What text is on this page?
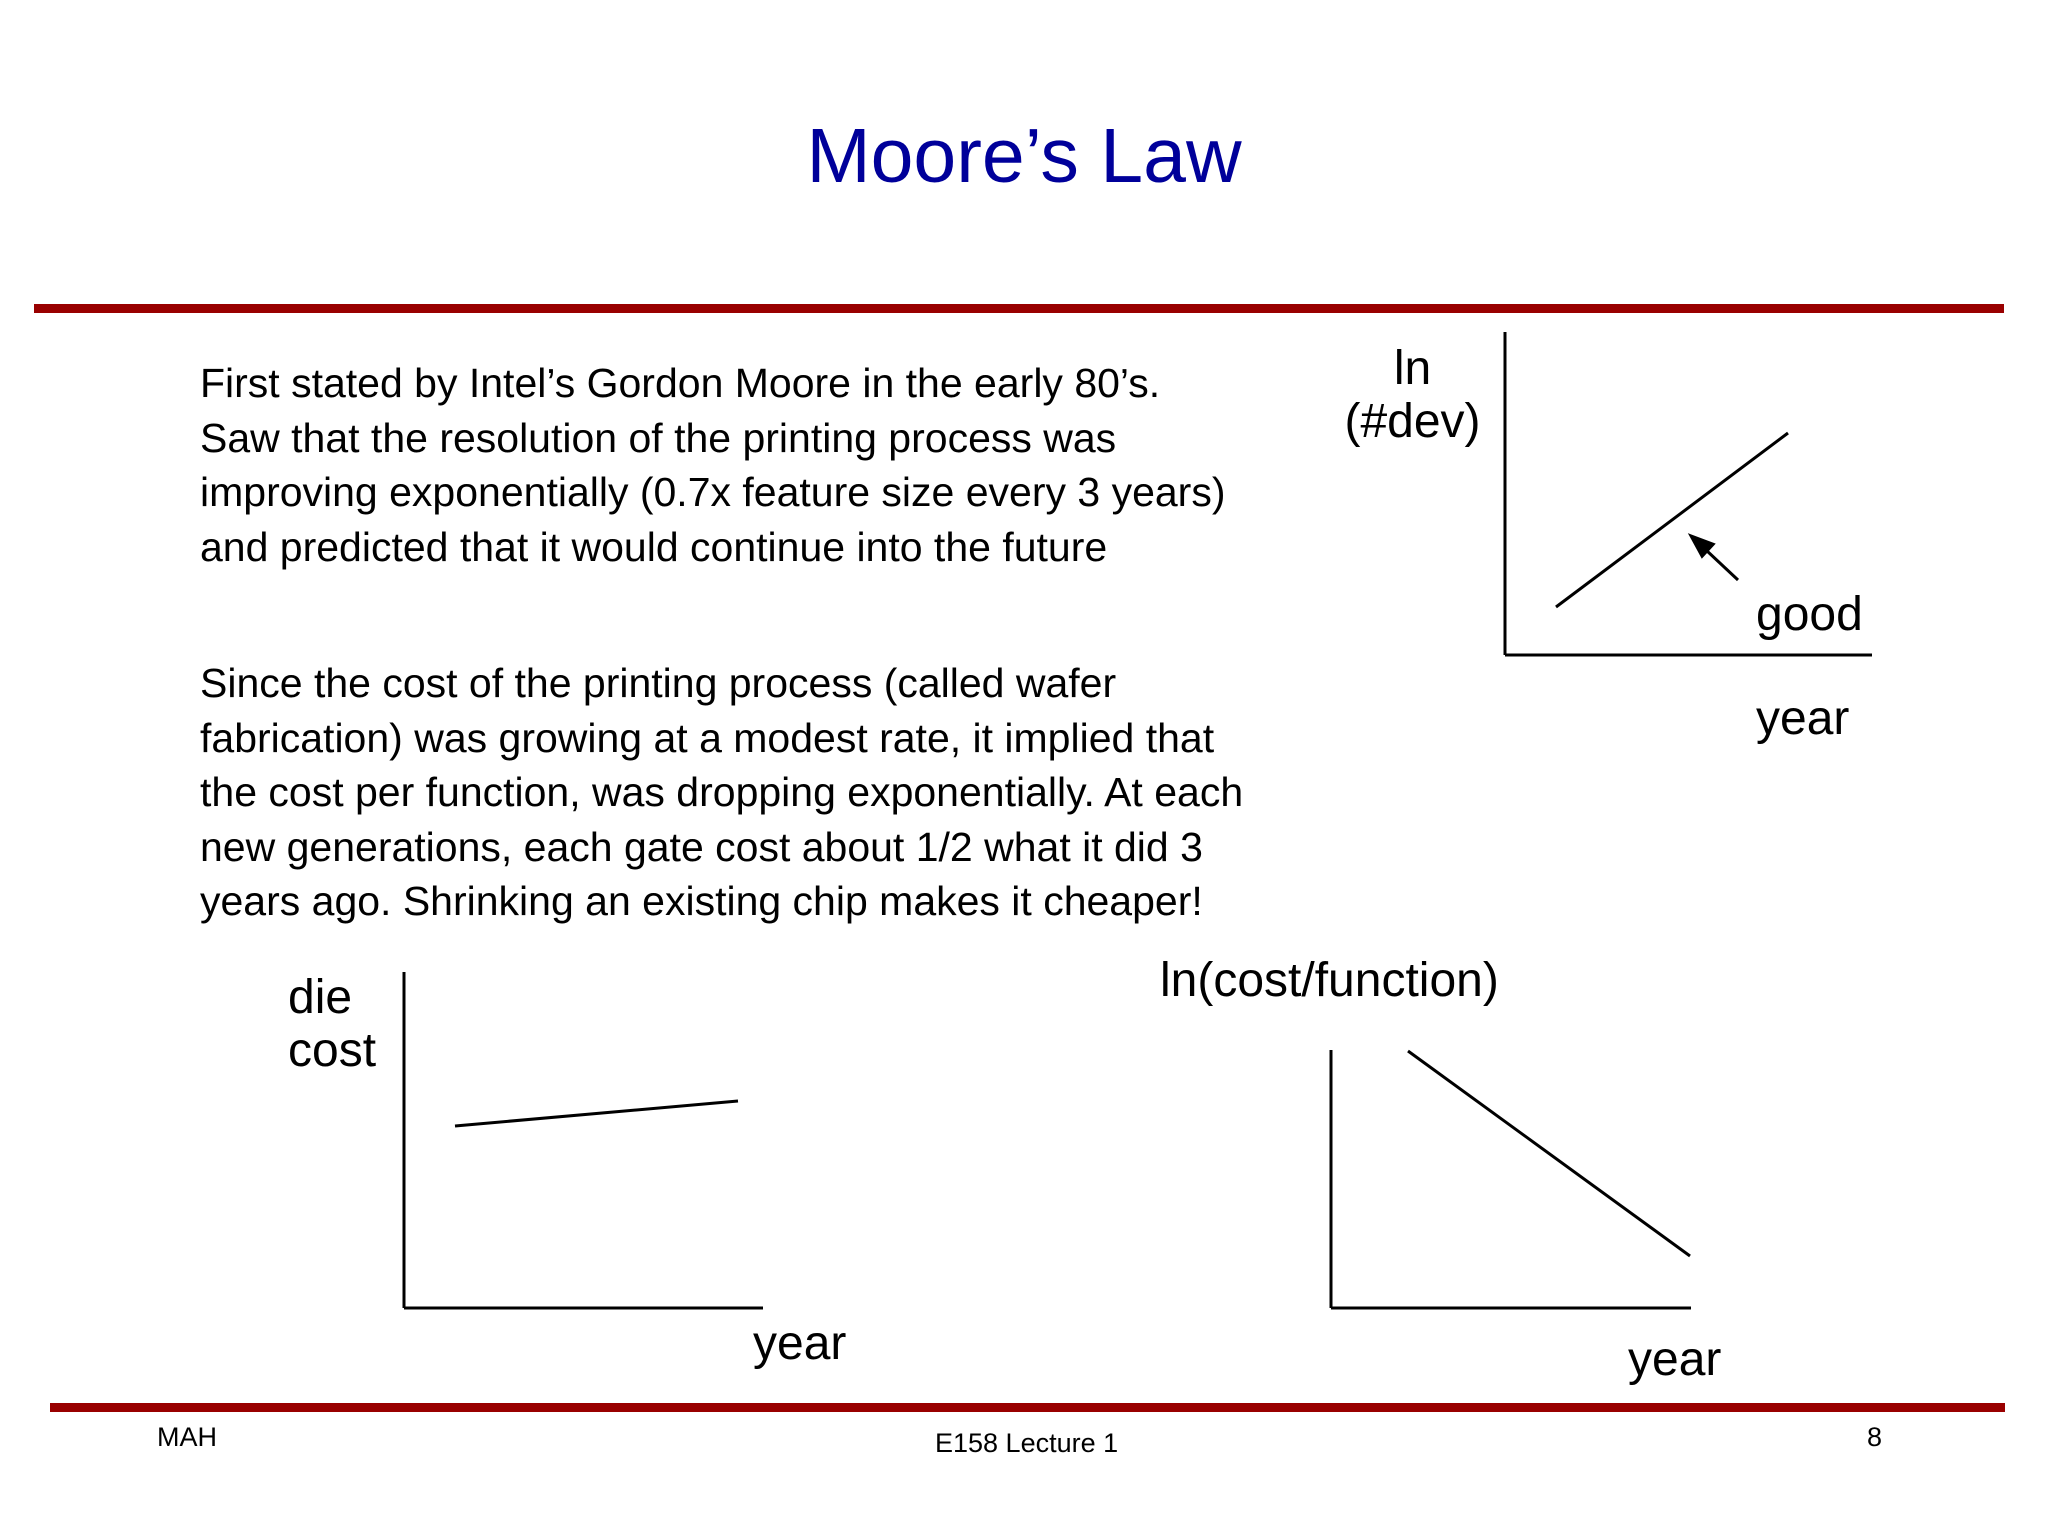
Moore’s Law
First stated by Intel’s Gordon Moore in the early 80’s.
Saw that the resolution of the printing process was
improving exponentially (0.7x feature size every 3 years)
and predicted that it would continue into the future
Since the cost of the printing process (called wafer
fabrication) was growing at a modest rate, it implied that
the cost per function, was dropping exponentially. At each
new generations, each gate cost about 1/2 what it did 3
years ago. Shrinking an existing chip makes it cheaper!
ln
(#dev)
good
year
die
cost
year
ln(cost/function)
year
MAH	E158 Lecture 1	8
